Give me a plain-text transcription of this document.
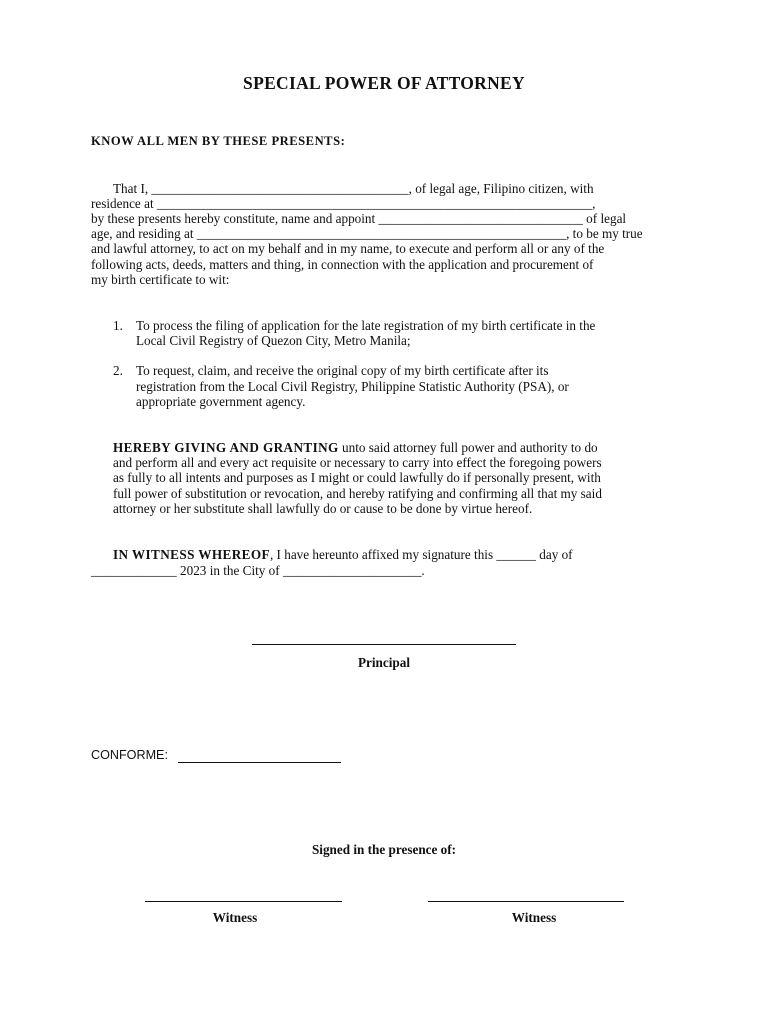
SPECIAL POWER OF ATTORNEY
KNOW ALL MEN BY THESE PRESENTS:
That I, _______________________________________, of legal age, Filipino citizen, with
residence at __________________________________________________________________,
by these presents hereby constitute, name and appoint _______________________________ of legal
age, and residing at ________________________________________________________, to be my true
and lawful attorney, to act on my behalf and in my name, to execute and perform all or any of the
following acts, deeds, matters and thing, in connection with the application and procurement of
my birth certificate to wit:
1. To process the filing of application for the late registration of my birth certificate in the
Local Civil Registry of Quezon City, Metro Manila;
2. To request, claim, and receive the original copy of my birth certificate after its
registration from the Local Civil Registry, Philippine Statistic Authority (PSA), or
appropriate government agency.
HEREBY GIVING AND GRANTING unto said attorney full power and authority to do
and perform all and every act requisite or necessary to carry into effect the foregoing powers
as fully to all intents and purposes as I might or could lawfully do if personally present, with
full power of substitution or revocation, and hereby ratifying and confirming all that my said
attorney or her substitute shall lawfully do or cause to be done by virtue hereof.
IN WITNESS WHEREOF, I have hereunto affixed my signature this ______ day of
_____________ 2023 in the City of _____________________.
Principal
CONFORME:
Signed in the presence of:
Witness	Witness
